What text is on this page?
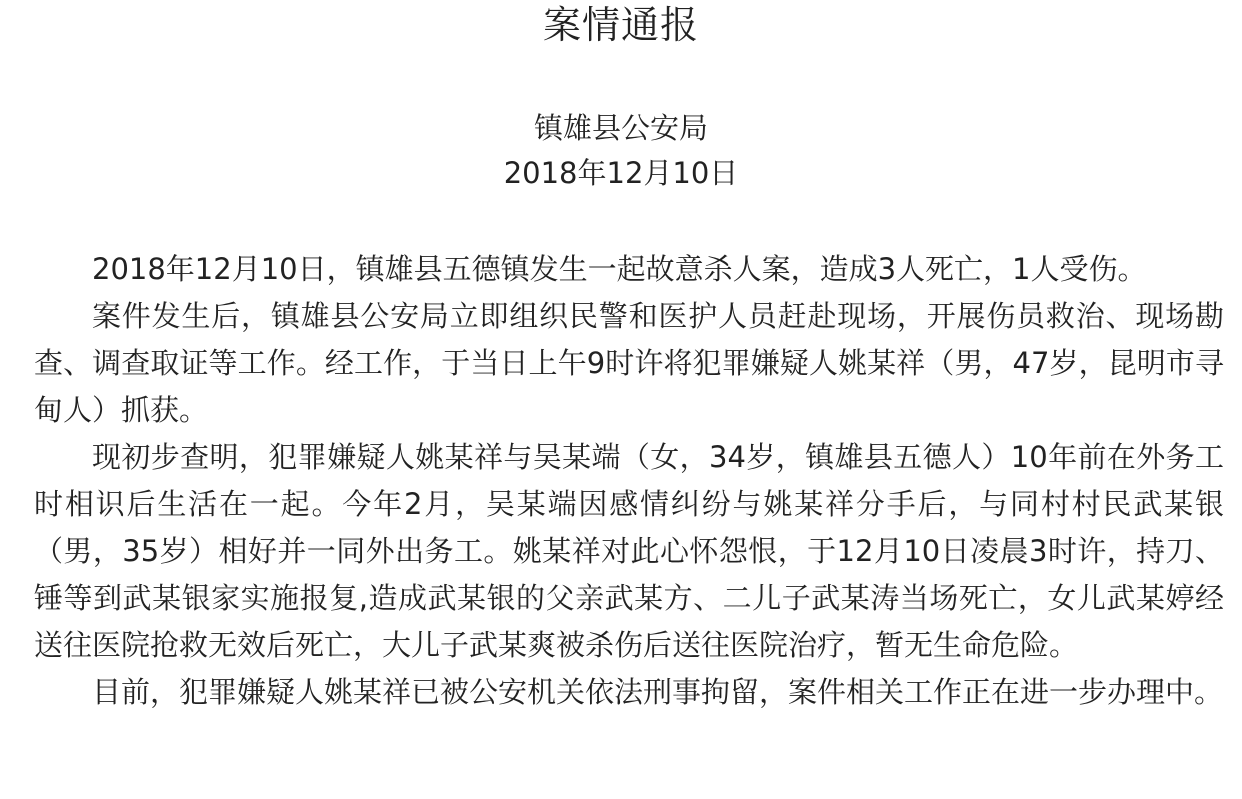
案情通报
镇雄县公安局
2018年12月10日

2018年12月10日，镇雄县五德镇发生一起故意杀人案，造成3人死亡，1人受伤。

案件发生后，镇雄县公安局立即组织民警和医护人员赶赴现场，开展伤员救治、现场勘查、调查取证等工作。经工作，于当日上午9时许将犯罪嫌疑人姚某祥（男，47岁，昆明市寻甸人）抓获。

现初步查明，犯罪嫌疑人姚某祥与吴某端（女，34岁，镇雄县五德人）10年前在外务工时相识后生活在一起。今年2月，吴某端因感情纠纷与姚某祥分手后，与同村村民武某银（男，35岁）相好并一同外出务工。姚某祥对此心怀怨恨，于12月10日凌晨3时许，持刀、锤等到武某银家实施报复,造成武某银的父亲武某方、二儿子武某涛当场死亡，女儿武某婷经送往医院抢救无效后死亡，大儿子武某爽被杀伤后送往医院治疗，暂无生命危险。

目前，犯罪嫌疑人姚某祥已被公安机关依法刑事拘留，案件相关工作正在进一步办理中。
